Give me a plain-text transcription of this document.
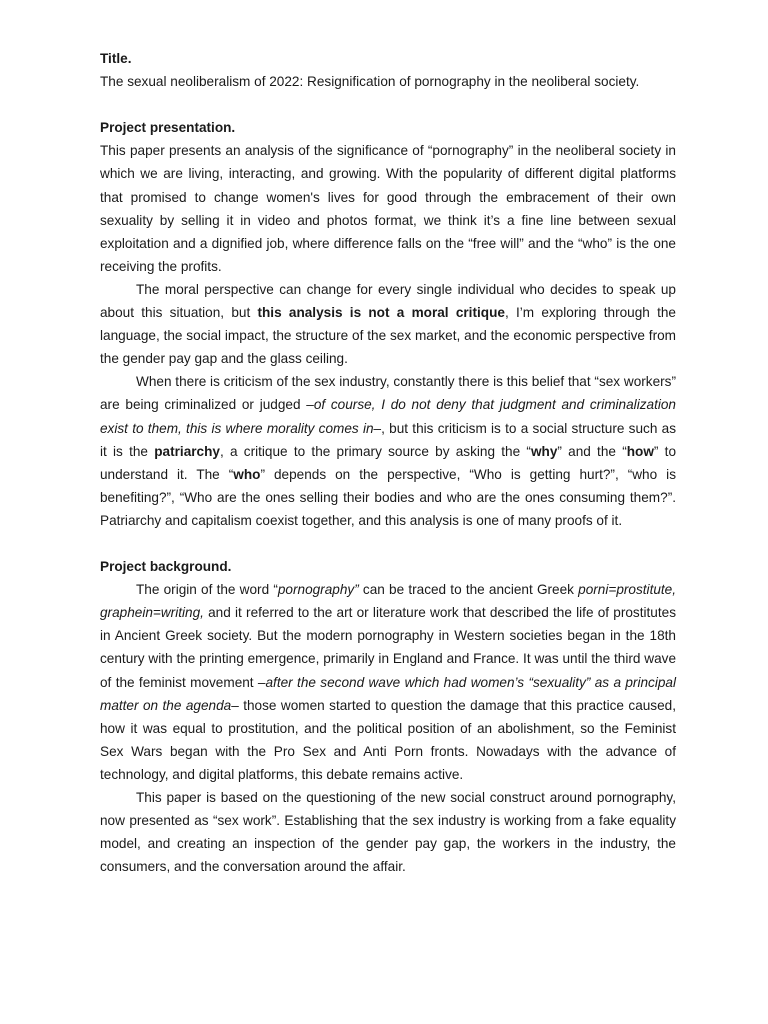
Title.

The sexual neoliberalism of 2022: Resignification of pornography in the neoliberal society.

Project presentation.

This paper presents an analysis of the significance of “pornography” in the neoliberal society in which we are living, interacting, and growing. With the popularity of different digital platforms that promised to change women's lives for good through the embracement of their own sexuality by selling it in video and photos format, we think it’s a fine line between sexual exploitation and a dignified job, where difference falls on the “free will” and the “who” is the one receiving the profits.

The moral perspective can change for every single individual who decides to speak up about this situation, but this analysis is not a moral critique, I’m exploring through the language, the social impact, the structure of the sex market, and the economic perspective from the gender pay gap and the glass ceiling.

When there is criticism of the sex industry, constantly there is this belief that “sex workers” are being criminalized or judged –of course, I do not deny that judgment and criminalization exist to them, this is where morality comes in–, but this criticism is to a social structure such as it is the patriarchy, a critique to the primary source by asking the “why” and the “how” to understand it. The “who” depends on the perspective, “Who is getting hurt?”, “who is benefiting?”, “Who are the ones selling their bodies and who are the ones consuming them?”. Patriarchy and capitalism coexist together, and this analysis is one of many proofs of it.

Project background.

The origin of the word “pornography” can be traced to the ancient Greek porni=prostitute, graphein=writing, and it referred to the art or literature work that described the life of prostitutes in Ancient Greek society. But the modern pornography in Western societies began in the 18th century with the printing emergence, primarily in England and France. It was until the third wave of the feminist movement –after the second wave which had women’s “sexuality” as a principal matter on the agenda– those women started to question the damage that this practice caused, how it was equal to prostitution, and the political position of an abolishment, so the Feminist Sex Wars began with the Pro Sex and Anti Porn fronts. Nowadays with the advance of technology, and digital platforms, this debate remains active.

This paper is based on the questioning of the new social construct around pornography, now presented as “sex work”. Establishing that the sex industry is working from a fake equality model, and creating an inspection of the gender pay gap, the workers in the industry, the consumers, and the conversation around the affair.
